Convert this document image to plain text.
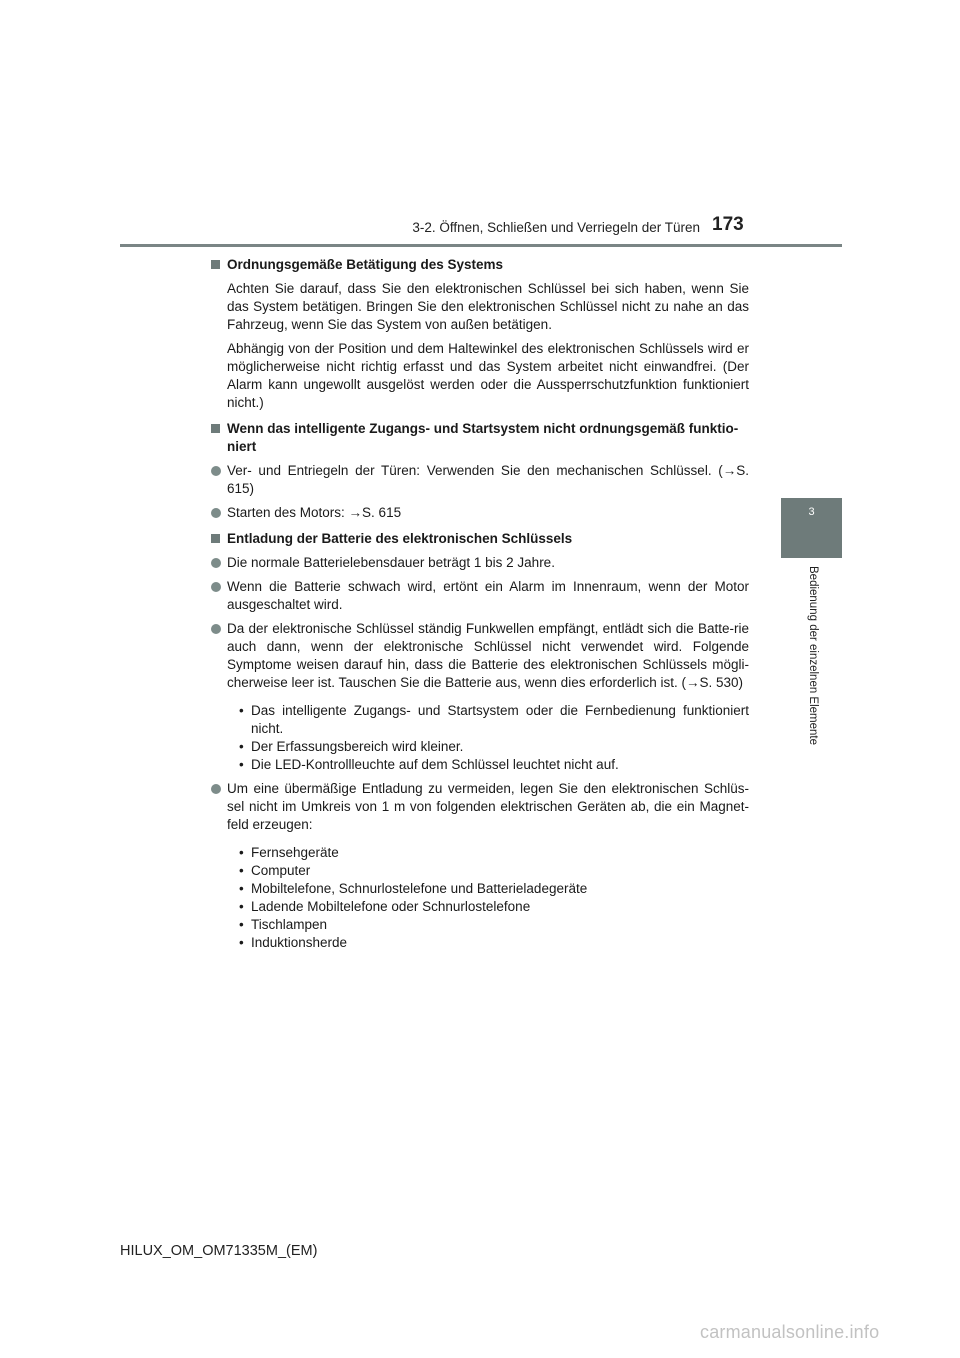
3-2. Öffnen, Schließen und Verriegeln der Türen 173
3
Bedienung der einzelnen Elemente
Ordnungsgemäße Betätigung des Systems
Achten Sie darauf, dass Sie den elektronischen Schlüssel bei sich haben, wenn Sie das System betätigen. Bringen Sie den elektronischen Schlüssel nicht zu nahe an das Fahrzeug, wenn Sie das System von außen betätigen.
Abhängig von der Position und dem Haltewinkel des elektronischen Schlüssels wird er möglicherweise nicht richtig erfasst und das System arbeitet nicht einwandfrei. (Der Alarm kann ungewollt ausgelöst werden oder die Aussperrschutzfunktion funktioniert nicht.)
Wenn das intelligente Zugangs- und Startsystem nicht ordnungsgemäß funktio-niert
Ver- und Entriegeln der Türen: Verwenden Sie den mechanischen Schlüssel. (→S. 615)
Starten des Motors: →S. 615
Entladung der Batterie des elektronischen Schlüssels
Die normale Batterielebensdauer beträgt 1 bis 2 Jahre.
Wenn die Batterie schwach wird, ertönt ein Alarm im Innenraum, wenn der Motor ausgeschaltet wird.
Da der elektronische Schlüssel ständig Funkwellen empfängt, entlädt sich die Batte-rie auch dann, wenn der elektronische Schlüssel nicht verwendet wird. Folgende Symptome weisen darauf hin, dass die Batterie des elektronischen Schlüssels mögli-cherweise leer ist. Tauschen Sie die Batterie aus, wenn dies erforderlich ist. (→S. 530)
• Das intelligente Zugangs- und Startsystem oder die Fernbedienung funktioniert nicht.
• Der Erfassungsbereich wird kleiner.
• Die LED-Kontrollleuchte auf dem Schlüssel leuchtet nicht auf.
Um eine übermäßige Entladung zu vermeiden, legen Sie den elektronischen Schlüs-sel nicht im Umkreis von 1 m von folgenden elektrischen Geräten ab, die ein Magnet-feld erzeugen:
• Fernsehgeräte
• Computer
• Mobiltelefone, Schnurlostelefone und Batterieladegeräte
• Ladende Mobiltelefone oder Schnurlostelefone
• Tischlampen
• Induktionsherde
HILUX_OM_OM71335M_(EM)
carmanualsonline.info
